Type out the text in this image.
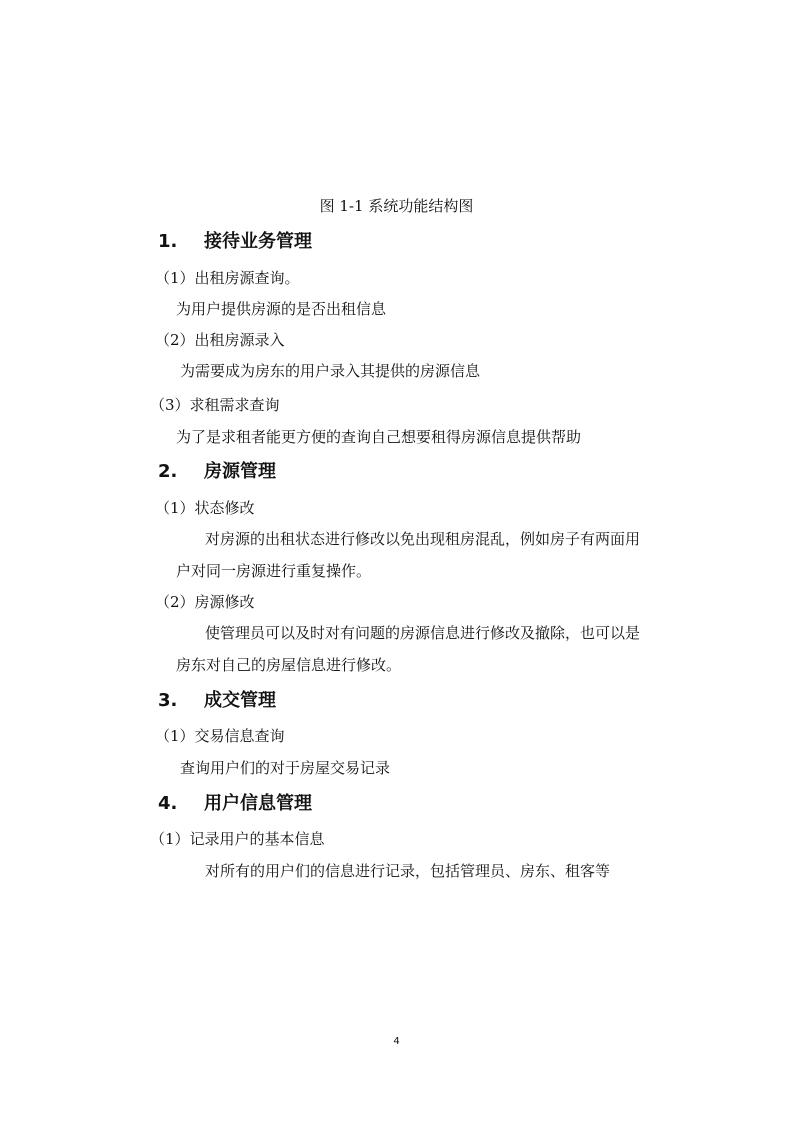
图 1-1 系统功能结构图
1. 接待业务管理
（1）出租房源查询。
为用户提供房源的是否出租信息
（2）出租房源录入
为需要成为房东的用户录入其提供的房源信息
（3）求租需求查询
为了是求租者能更方便的查询自己想要租得房源信息提供帮助
2. 房源管理
（1）状态修改
对房源的出租状态进行修改以免出现租房混乱，例如房子有两面用
户对同一房源进行重复操作。
（2）房源修改
使管理员可以及时对有问题的房源信息进行修改及撤除，也可以是
房东对自己的房屋信息进行修改。
3. 成交管理
（1）交易信息查询
查询用户们的对于房屋交易记录
4. 用户信息管理
（1）记录用户的基本信息
对所有的用户们的信息进行记录，包括管理员、房东、租客等
4
